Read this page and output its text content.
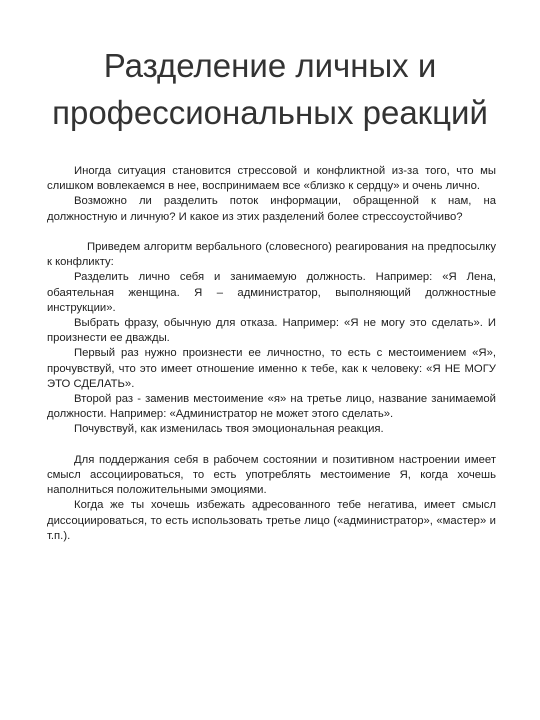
Разделение личных и
профессиональных реакций

Иногда ситуация становится стрессовой и конфликтной из-за того, что мы слишком вовлекаемся в нее, воспринимаем все «близко к сердцу» и очень лично.

Возможно ли разделить поток информации, обращенной к нам, на должностную и личную? И какое из этих разделений более стрессоустойчиво?

Приведем алгоритм вербального (словесного) реагирования на предпосылку к конфликту:

Разделить лично себя и занимаемую должность. Например: «Я Лена, обаятельная женщина. Я – администратор, выполняющий должностные инструкции».

Выбрать фразу, обычную для отказа. Например: «Я не могу это сделать». И произнести ее дважды.

Первый раз нужно произнести ее личностно, то есть с местоимением «Я», прочувствуй, что это имеет отношение именно к тебе, как к человеку: «Я НЕ МОГУ ЭТО СДЕЛАТЬ».

Второй раз - заменив местоимение «я» на третье лицо, название занимаемой должности. Например: «Администратор не может этого сделать».

Почувствуй, как изменилась твоя эмоциональная реакция.

Для поддержания себя в рабочем состоянии и позитивном настроении имеет смысл ассоциироваться, то есть употреблять местоимение Я, когда хочешь наполниться положительными эмоциями.

Когда же ты хочешь избежать адресованного тебе негатива, имеет смысл диссоциироваться, то есть использовать третье лицо («администратор», «мастер» и т.п.).
